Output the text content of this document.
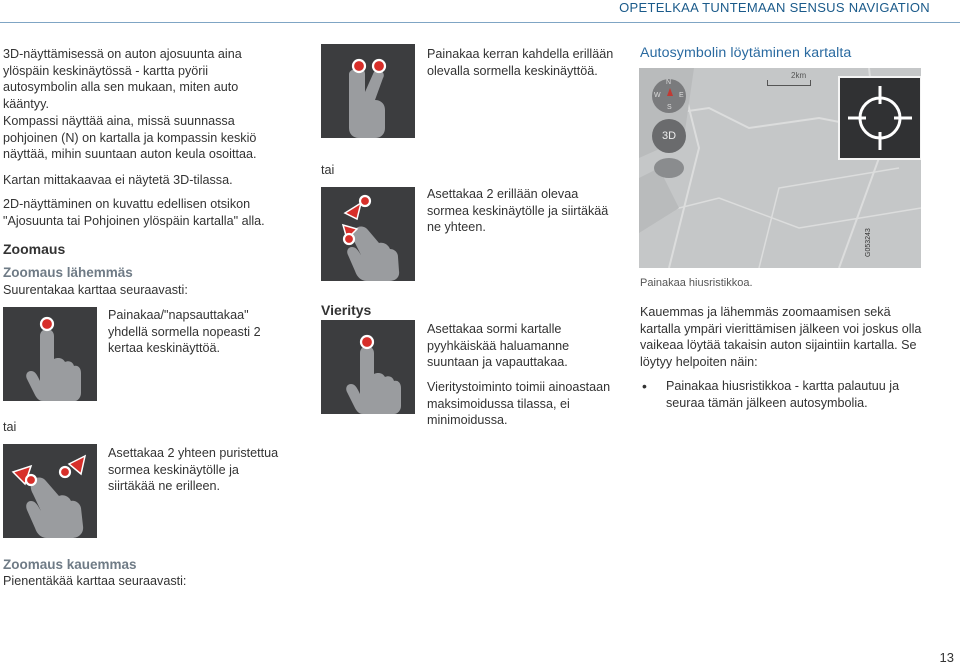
OPETELKAA TUNTEMAAN SENSUS NAVIGATION
3D-näyttämisessä on auton ajosuunta aina ylöspäin keskinäytössä - kartta pyörii autosymbolin alla sen mukaan, miten auto kääntyy.
Kompassi näyttää aina, missä suunnassa pohjoinen (N) on kartalla ja kompassin keskiö näyttää, mihin suuntaan auton keula osoittaa.
Kartan mittakaavaa ei näytetä 3D-tilassa.
2D-näyttäminen on kuvattu edellisen otsikon "Ajosuunta tai Pohjoinen ylöspäin kartalla" alla.
Zoomaus
Zoomaus lähemmäs
Suurentakaa karttaa seuraavasti:
Painakaa/"napsauttakaa" yhdellä sormella nopeasti 2 kertaa keskinäyttöä.
tai
Asettakaa 2 yhteen puristettua sormea keskinäytölle ja siirtäkää ne erilleen.
Zoomaus kauemmas
Pienentäkää karttaa seuraavasti:
Painakaa kerran kahdella erillään olevalla sormella keskinäyttöä.
tai
Asettakaa 2 erillään olevaa sormea keskinäytölle ja siirtäkää ne yhteen.
Vieritys
Asettakaa sormi kartalle pyyhkäiskää haluamanne suuntaan ja vapauttakaa.
Vieritystoiminto toimii ainoastaan maksimoidussa tilassa, ei minimoidussa.
Autosymbolin löytäminen kartalta
2km
N
W	E
S
3D
G053243
Painakaa hiusristikkoa.
Kauemmas ja lähemmäs zoomaamisen sekä kartalla ympäri vierittämisen jälkeen voi joskus olla vaikeaa löytää takaisin auton sijaintiin kartalla. Se löytyy helpoiten näin:
• Painakaa hiusristikkoa - kartta palautuu ja seuraa tämän jälkeen autosymbolia.
13
